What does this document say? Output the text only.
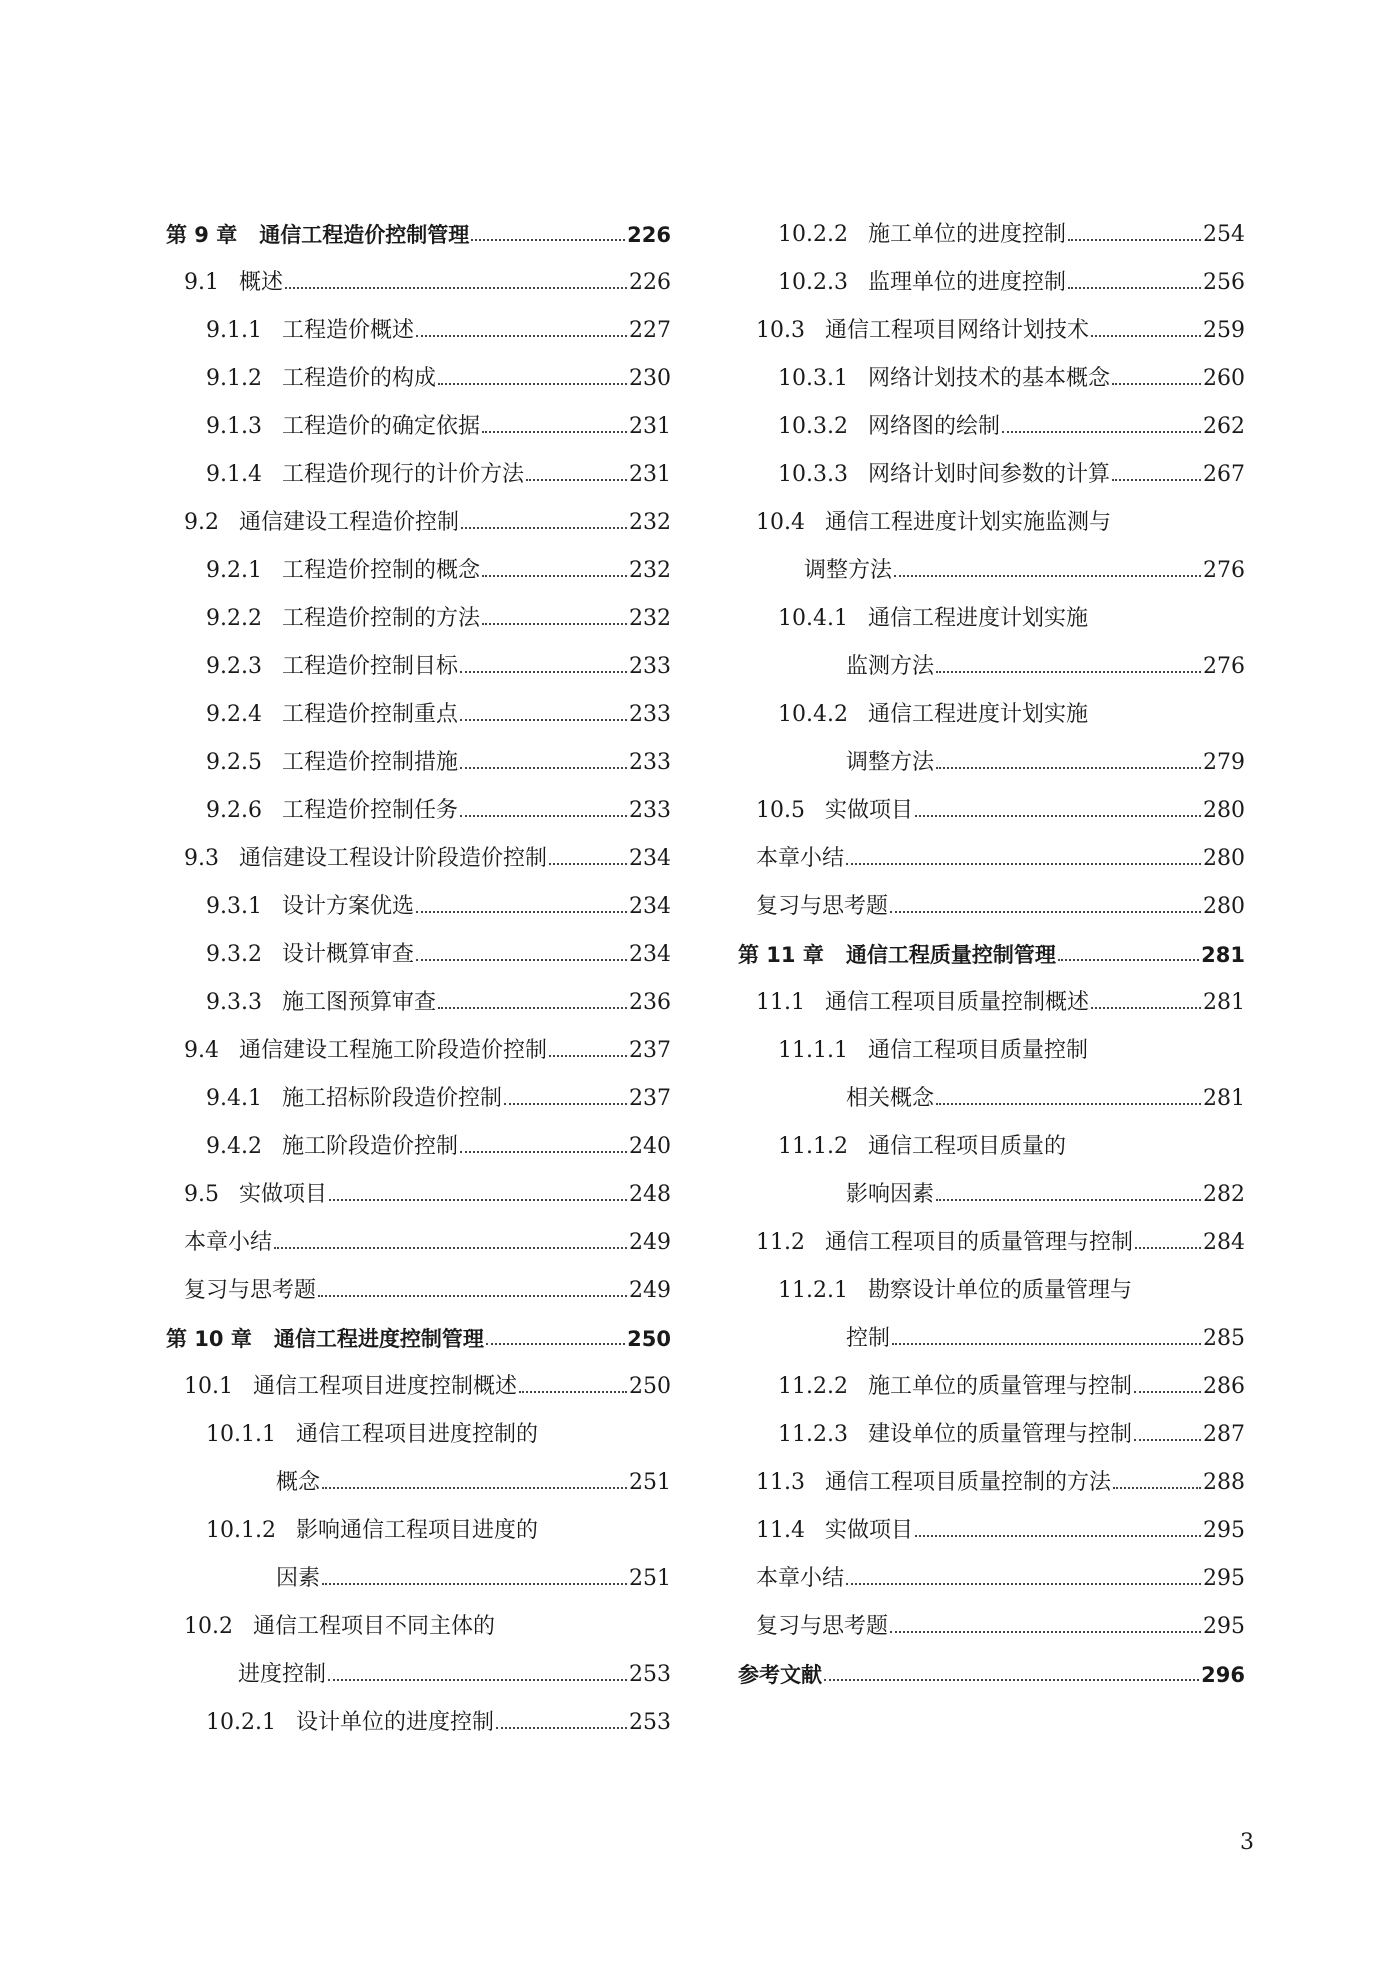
第 9 章 通信工程造价控制管理	226
9.1 概述	226
9.1.1 工程造价概述	227
9.1.2 工程造价的构成	230
9.1.3 工程造价的确定依据	231
9.1.4 工程造价现行的计价方法	231
9.2 通信建设工程造价控制	232
9.2.1 工程造价控制的概念	232
9.2.2 工程造价控制的方法	232
9.2.3 工程造价控制目标	233
9.2.4 工程造价控制重点	233
9.2.5 工程造价控制措施	233
9.2.6 工程造价控制任务	233
9.3 通信建设工程设计阶段造价控制	234
9.3.1 设计方案优选	234
9.3.2 设计概算审查	234
9.3.3 施工图预算审查	236
9.4 通信建设工程施工阶段造价控制	237
9.4.1 施工招标阶段造价控制	237
9.4.2 施工阶段造价控制	240
9.5 实做项目	248
本章小结	249
复习与思考题	249
第 10 章 通信工程进度控制管理	250
10.1 通信工程项目进度控制概述	250
10.1.1 通信工程项目进度控制的
概念	251
10.1.2 影响通信工程项目进度的
因素	251
10.2 通信工程项目不同主体的
进度控制	253
10.2.1 设计单位的进度控制	253
10.2.2 施工单位的进度控制	254
10.2.3 监理单位的进度控制	256
10.3 通信工程项目网络计划技术	259
10.3.1 网络计划技术的基本概念	260
10.3.2 网络图的绘制	262
10.3.3 网络计划时间参数的计算	267
10.4 通信工程进度计划实施监测与
调整方法	276
10.4.1 通信工程进度计划实施
监测方法	276
10.4.2 通信工程进度计划实施
调整方法	279
10.5 实做项目	280
本章小结	280
复习与思考题	280
第 11 章 通信工程质量控制管理	281
11.1 通信工程项目质量控制概述	281
11.1.1 通信工程项目质量控制
相关概念	281
11.1.2 通信工程项目质量的
影响因素	282
11.2 通信工程项目的质量管理与控制	284
11.2.1 勘察设计单位的质量管理与
控制	285
11.2.2 施工单位的质量管理与控制	286
11.2.3 建设单位的质量管理与控制	287
11.3 通信工程项目质量控制的方法	288
11.4 实做项目	295
本章小结	295
复习与思考题	295
参考文献	296
3
